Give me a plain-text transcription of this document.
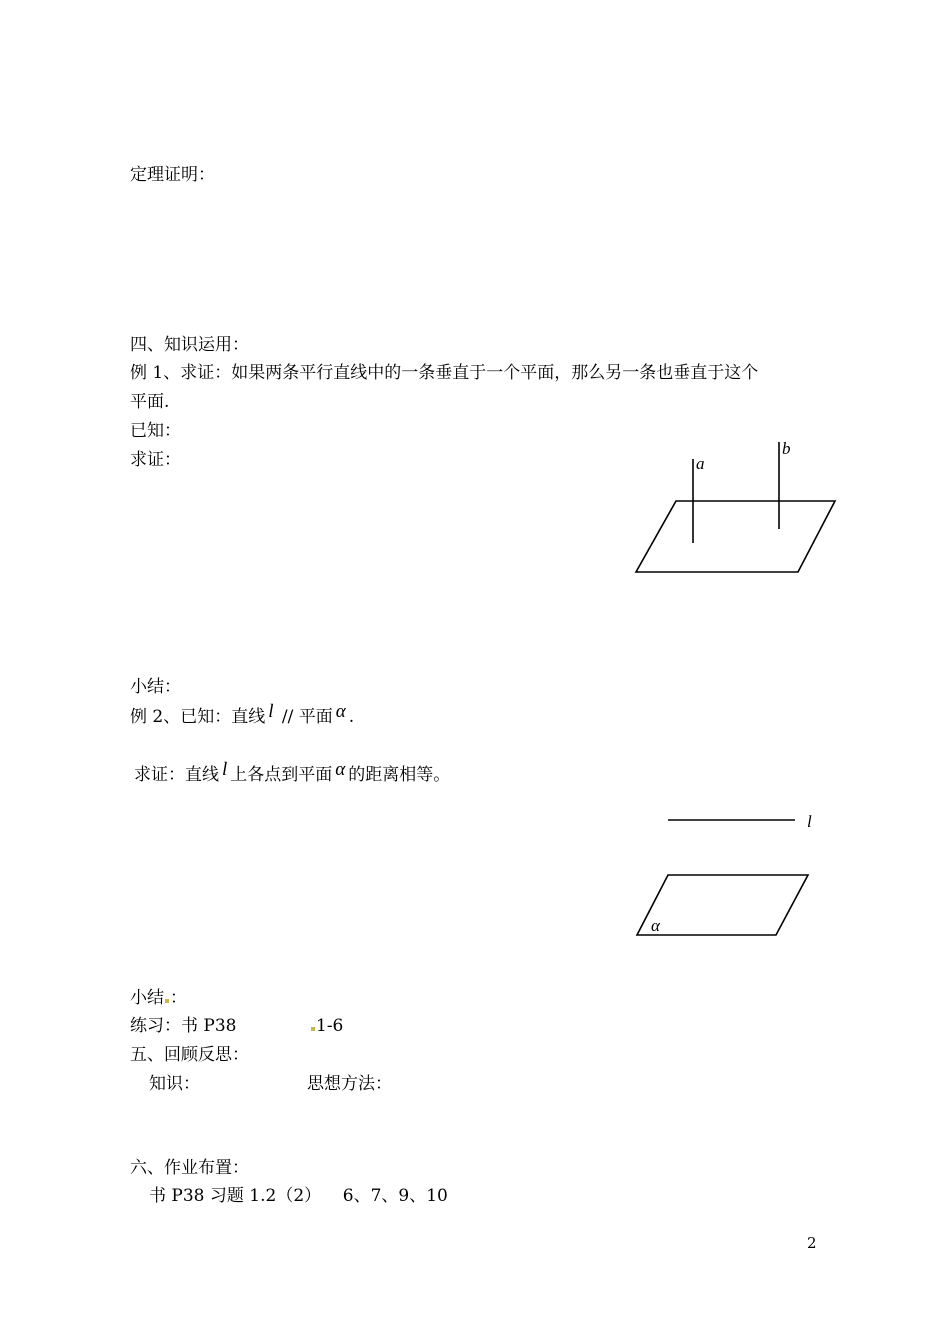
定理证明：
四、知识运用：
例 1、求证：如果两条平行直线中的一条垂直于一个平面，那么另一条也垂直于这个
平面.
已知：
求证：	a
b
小结：
例 2、已知：直线 l // 平面 α .
求证：直线 l 上各点到平面 α 的距离相等。
l
α
小结 ：
练习：书 P38	1-6
五、回顾反思：
知识：	思想方法：
六、作业布置：
书 P38 习题 1.2（2）    6、7、9、10
2
